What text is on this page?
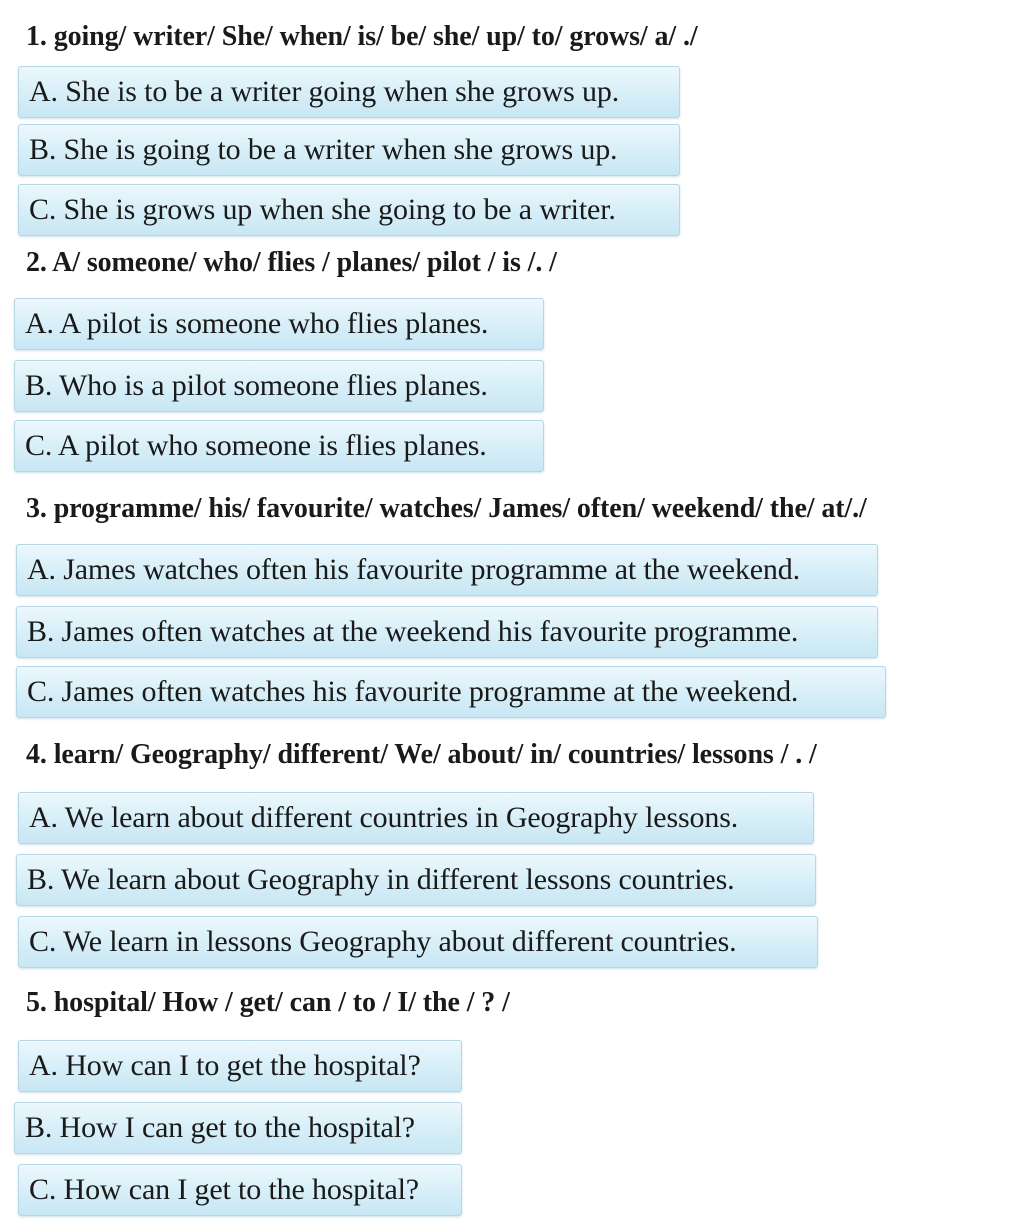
1. going/ writer/ She/ when/ is/ be/ she/ up/ to/ grows/ a/ ./
A. She is to be a writer going when she grows up.
B. She is going to be a writer when she grows up.
C. She is grows up when she going to be a writer.
2. A/ someone/ who/ flies / planes/ pilot / is /. /
A. A pilot is someone who flies planes.
B. Who is a pilot someone flies planes.
C. A pilot who someone is flies planes.
3. programme/ his/ favourite/ watches/ James/ often/ weekend/ the/ at/./
A. James watches often his favourite programme at the weekend.
B. James often watches at the weekend his favourite programme.
C. James often watches his favourite programme at the weekend.
4. learn/ Geography/ different/ We/ about/ in/ countries/ lessons / . /
A. We learn about different countries in Geography lessons.
B. We learn about Geography in different lessons countries.
C. We learn in lessons Geography about different countries.
5. hospital/ How / get/ can / to / I/ the / ? /
A. How can I to get the hospital?
B. How I can get to the hospital?
C. How can I get to the hospital?
